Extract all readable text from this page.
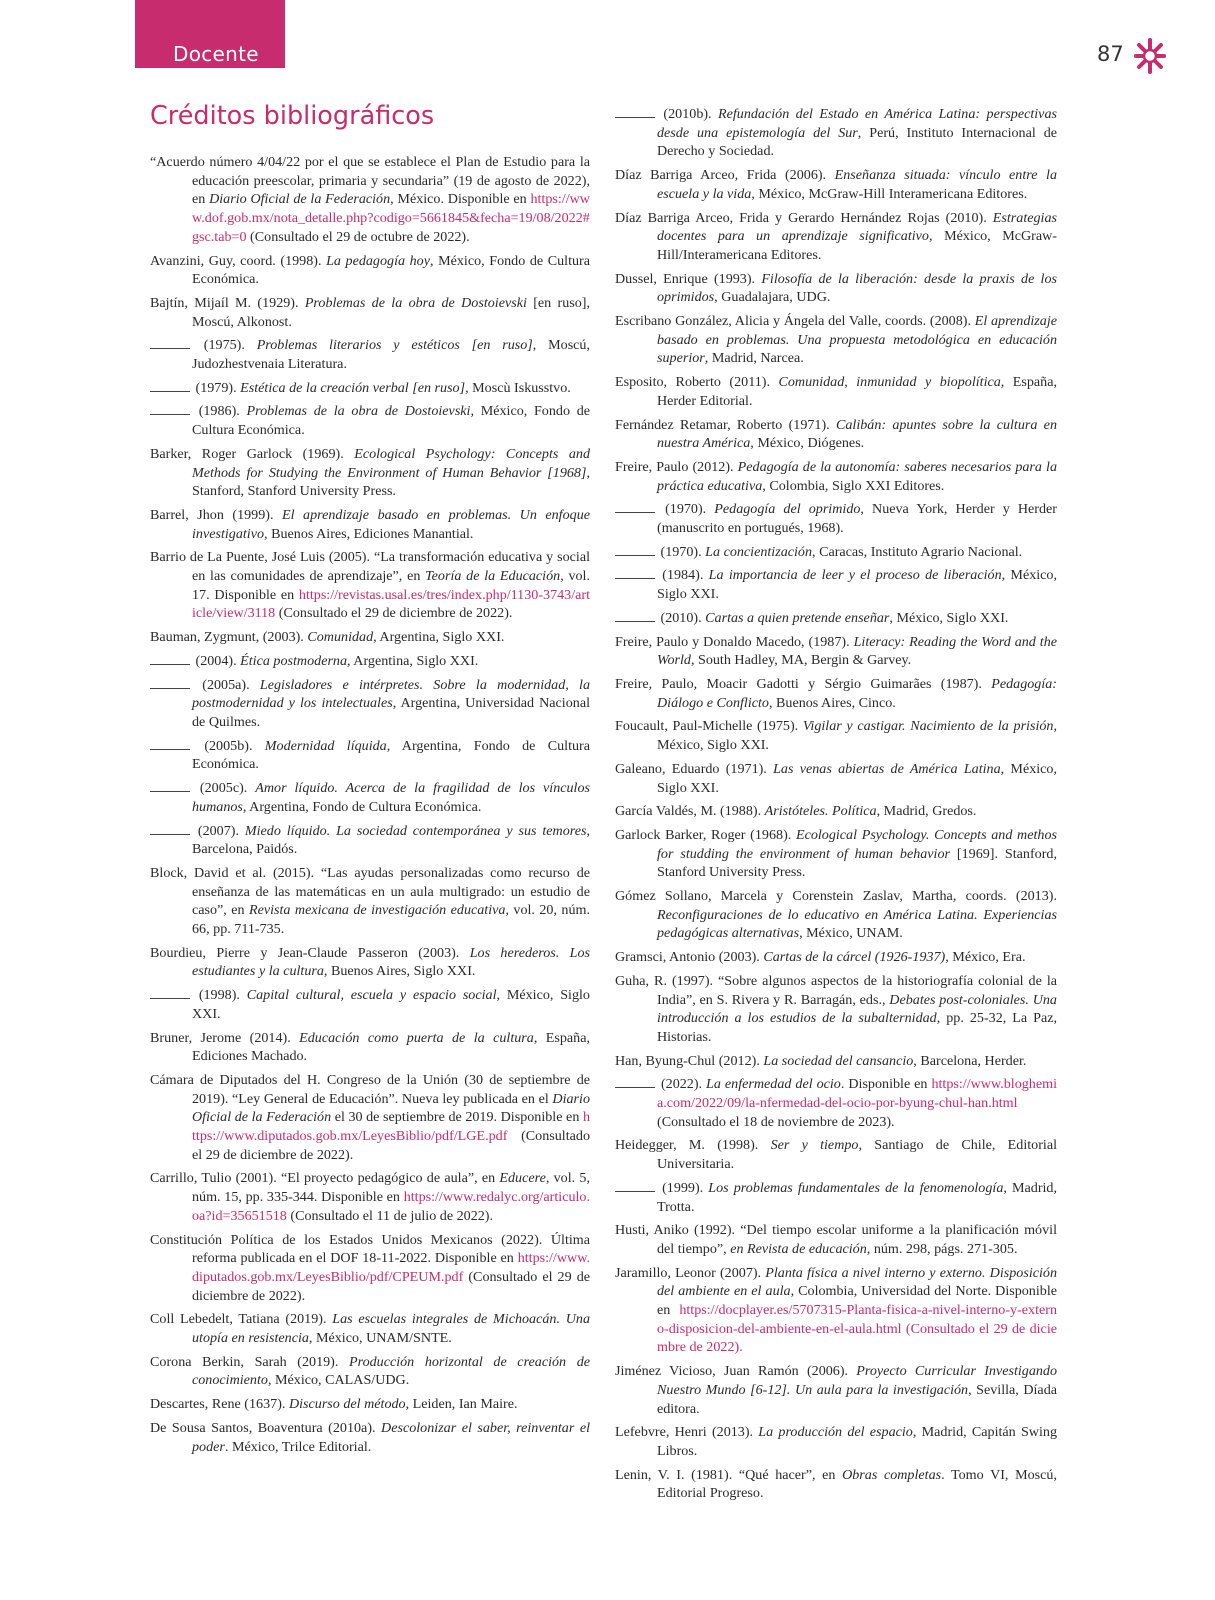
Docente	87
Créditos bibliográficos

“Acuerdo número 4/04/22 por el que se establece el Plan de Estudio para la educación preescolar, primaria y secundaria” (19 de agosto de 2022), en Diario Oficial de la Federación, México. Disponible en https://www.dof.gob.mx/nota_detalle.php?codigo=5661845&fecha=19/08/2022#gsc.tab=0 (Consultado el 29 de octubre de 2022).

Avanzini, Guy, coord. (1998). La pedagogía hoy, México, Fondo de Cultura Económica.

Bajtín, Mijaíl M. (1929). Problemas de la obra de Dostoievski [en ruso], Moscú, Alkonost.

(1975). Problemas literarios y estéticos [en ruso], Moscú, Judozhestvenaia Literatura.

(1979). Estética de la creación verbal [en ruso], Moscù Iskusstvo.

(1986). Problemas de la obra de Dostoievski, México, Fondo de Cultura Económica.

Barker, Roger Garlock (1969). Ecological Psychology: Concepts and Methods for Studying the Environment of Human Behavior [1968], Stanford, Stanford University Press.

Barrel, Jhon (1999). El aprendizaje basado en problemas. Un enfoque investigativo, Buenos Aires, Ediciones Manantial.

Barrio de La Puente, José Luis (2005). “La transformación educativa y social en las comunidades de aprendizaje”, en Teoría de la Educación, vol. 17. Disponible en https://revistas.usal.es/tres/index.php/1130-3743/article/view/3118 (Consultado el 29 de diciembre de 2022).

Bauman, Zygmunt, (2003). Comunidad, Argentina, Siglo XXI.

(2004). Ética postmoderna, Argentina, Siglo XXI.

(2005a). Legisladores e intérpretes. Sobre la modernidad, la postmodernidad y los intelectuales, Argentina, Universidad Nacional de Quilmes.

(2005b). Modernidad líquida, Argentina, Fondo de Cultura Económica.

(2005c). Amor líquido. Acerca de la fragilidad de los vínculos humanos, Argentina, Fondo de Cultura Económica.

(2007). Miedo líquido. La sociedad contemporánea y sus temores, Barcelona, Paidós.

Block, David et al. (2015). “Las ayudas personalizadas como recurso de enseñanza de las matemáticas en un aula multigrado: un estudio de caso”, en Revista mexicana de investigación educativa, vol. 20, núm. 66, pp. 711-735.

Bourdieu, Pierre y Jean-Claude Passeron (2003). Los herederos. Los estudiantes y la cultura, Buenos Aires, Siglo XXI.

(1998). Capital cultural, escuela y espacio social, México, Siglo XXI.

Bruner, Jerome (2014). Educación como puerta de la cultura, España, Ediciones Machado.

Cámara de Diputados del H. Congreso de la Unión (30 de septiembre de 2019). “Ley General de Educación”. Nueva ley publicada en el Diario Oficial de la Federación el 30 de septiembre de 2019. Disponible en https://www.diputados.gob.mx/LeyesBiblio/pdf/LGE.pdf (Consultado el 29 de diciembre de 2022).

Carrillo, Tulio (2001). “El proyecto pedagógico de aula”, en Educere, vol. 5, núm. 15, pp. 335-344. Disponible en https://www.redalyc.org/articulo.oa?id=35651518 (Consultado el 11 de julio de 2022).

Constitución Política de los Estados Unidos Mexicanos (2022). Última reforma publicada en el DOF 18-11-2022. Disponible en https://www.diputados.gob.mx/LeyesBiblio/pdf/CPEUM.pdf (Consultado el 29 de diciembre de 2022).

Coll Lebedelt, Tatiana (2019). Las escuelas integrales de Michoacán. Una utopía en resistencia, México, UNAM/SNTE.

Corona Berkin, Sarah (2019). Producción horizontal de creación de conocimiento, México, CALAS/UDG.

Descartes, Rene (1637). Discurso del método, Leiden, Ian Maire.

De Sousa Santos, Boaventura (2010a). Descolonizar el saber, reinventar el poder. México, Trilce Editorial.

(2010b). Refundación del Estado en América Latina: perspectivas desde una epistemología del Sur, Perú, Instituto Internacional de Derecho y Sociedad.

Díaz Barriga Arceo, Frida (2006). Enseñanza situada: vínculo entre la escuela y la vida, México, McGraw-Hill Interamericana Editores.

Díaz Barriga Arceo, Frida y Gerardo Hernández Rojas (2010). Estrategias docentes para un aprendizaje significativo, México, McGraw-Hill/Interamericana Editores.

Dussel, Enrique (1993). Filosofía de la liberación: desde la praxis de los oprimidos, Guadalajara, UDG.

Escribano González, Alicia y Ángela del Valle, coords. (2008). El aprendizaje basado en problemas. Una propuesta metodológica en educación superior, Madrid, Narcea.

Esposito, Roberto (2011). Comunidad, inmunidad y biopolítica, España, Herder Editorial.

Fernández Retamar, Roberto (1971). Calibán: apuntes sobre la cultura en nuestra América, México, Diógenes.

Freire, Paulo (2012). Pedagogía de la autonomía: saberes necesarios para la práctica educativa, Colombia, Siglo XXI Editores.

(1970). Pedagogía del oprimido, Nueva York, Herder y Herder (manuscrito en portugués, 1968).

(1970). La concientización, Caracas, Instituto Agrario Nacional.

(1984). La importancia de leer y el proceso de liberación, México, Siglo XXI.

(2010). Cartas a quien pretende enseñar, México, Siglo XXI.

Freire, Paulo y Donaldo Macedo, (1987). Literacy: Reading the Word and the World, South Hadley, MA, Bergin & Garvey.

Freire, Paulo, Moacir Gadotti y Sérgio Guimarães (1987). Pedagogía: Diálogo e Conflicto, Buenos Aires, Cinco.

Foucault, Paul-Michelle (1975). Vigilar y castigar. Nacimiento de la prisión, México, Siglo XXI.

Galeano, Eduardo (1971). Las venas abiertas de América Latina, México, Siglo XXI.

García Valdés, M. (1988). Aristóteles. Política, Madrid, Gredos.

Garlock Barker, Roger (1968). Ecological Psychology. Concepts and methos for studding the environment of human behavior [1969]. Stanford, Stanford University Press.

Gómez Sollano, Marcela y Corenstein Zaslav, Martha, coords. (2013). Reconfiguraciones de lo educativo en América Latina. Experiencias pedagógicas alternativas, México, UNAM.

Gramsci, Antonio (2003). Cartas de la cárcel (1926-1937), México, Era.

Guha, R. (1997). “Sobre algunos aspectos de la historiografía colonial de la India”, en S. Rivera y R. Barragán, eds., Debates post-coloniales. Una introducción a los estudios de la subalternidad, pp. 25-32, La Paz, Historias.

Han, Byung-Chul (2012). La sociedad del cansancio, Barcelona, Herder.

(2022). La enfermedad del ocio. Disponible en https://www.bloghemia.com/2022/09/la-nfermedad-del-ocio-por-byung-chul-han.html (Consultado el 18 de noviembre de 2023).

Heidegger, M. (1998). Ser y tiempo, Santiago de Chile, Editorial Universitaria.

(1999). Los problemas fundamentales de la fenomenología, Madrid, Trotta.

Husti, Aniko (1992). “Del tiempo escolar uniforme a la planificación móvil del tiempo”, en Revista de educación, núm. 298, págs. 271-305.

Jaramillo, Leonor (2007). Planta física a nivel interno y externo. Disposición del ambiente en el aula, Colombia, Universidad del Norte. Disponible en https://docplayer.es/5707315-Planta-fisica-a-nivel-interno-y-externo-disposicion-del-ambiente-en-el-aula.html (Consultado el 29 de diciembre de 2022).

Jiménez Vicioso, Juan Ramón (2006). Proyecto Curricular Investigando Nuestro Mundo [6-12]. Un aula para la investigación, Sevilla, Díada editora.

Lefebvre, Henri (2013). La producción del espacio, Madrid, Capitán Swing Libros.

Lenin, V. I. (1981). “Qué hacer”, en Obras completas. Tomo VI, Moscú, Editorial Progreso.
